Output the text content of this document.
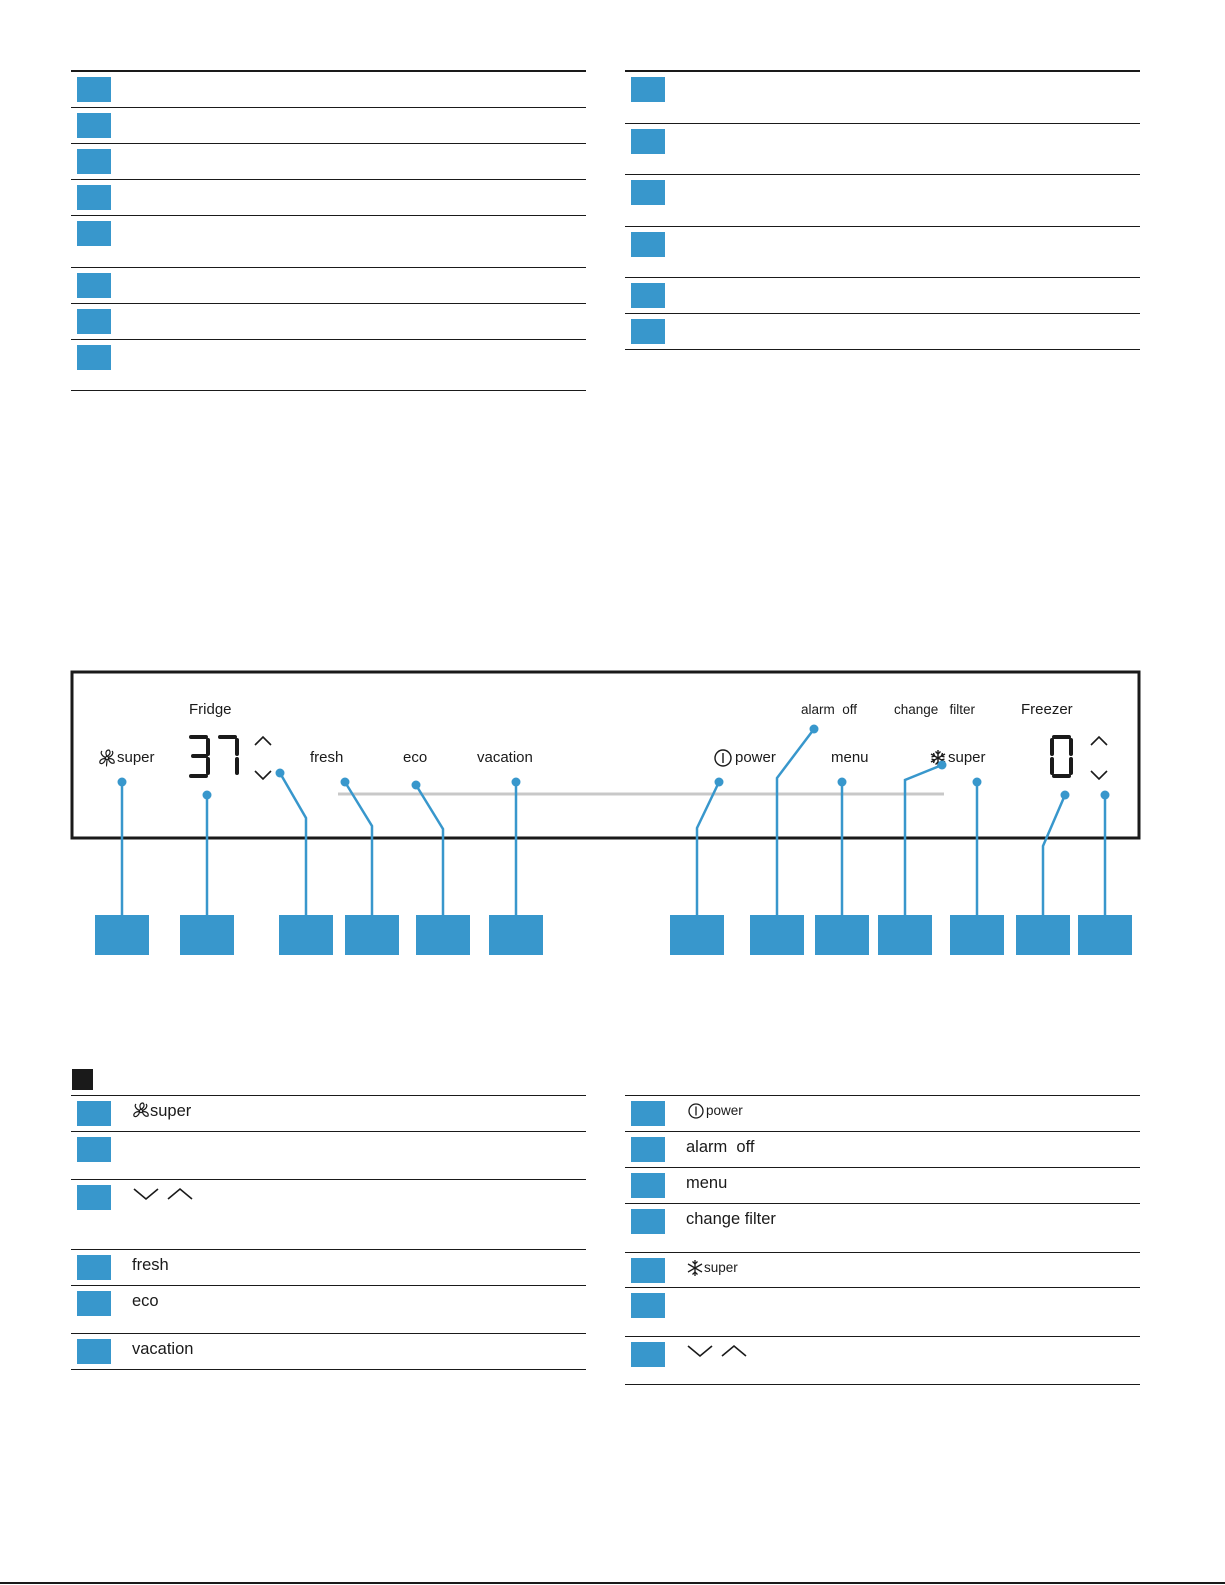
Fridge	Freezer
super	fresh	eco	vacation	power
alarm  off
menu
change   filter
super
super
fresh
eco
vacation
power
alarm  off
menu
change filter
super
